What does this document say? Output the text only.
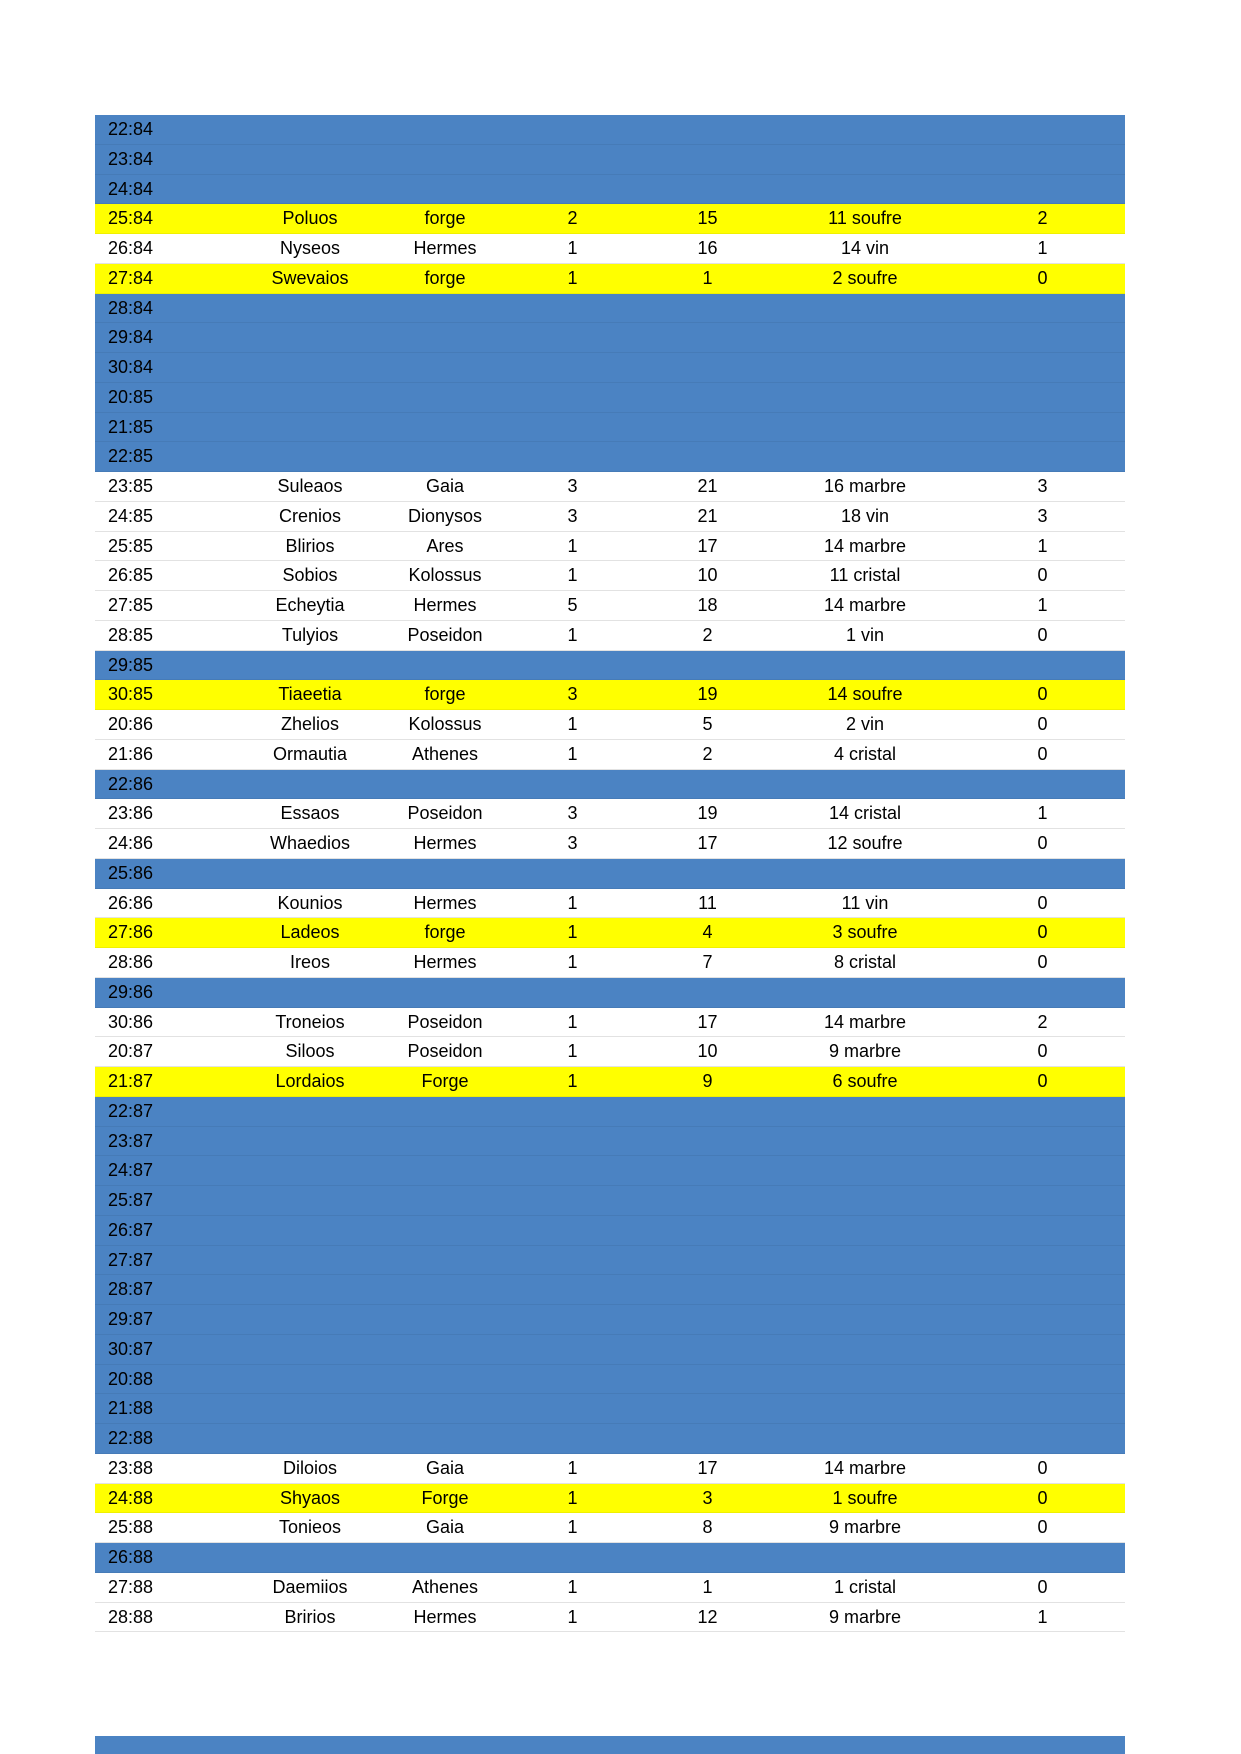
22:84
23:84
24:84
25:84	Poluos	forge	2	15	11 soufre	2
26:84	Nyseos	Hermes	1	16	14 vin	1
27:84	Swevaios	forge	1	1	2 soufre	0
28:84
29:84
30:84
20:85
21:85
22:85
23:85	Suleaos	Gaia	3	21	16 marbre	3
24:85	Crenios	Dionysos	3	21	18 vin	3
25:85	Blirios	Ares	1	17	14 marbre	1
26:85	Sobios	Kolossus	1	10	11 cristal	0
27:85	Echeytia	Hermes	5	18	14 marbre	1
28:85	Tulyios	Poseidon	1	2	1 vin	0
29:85
30:85	Tiaeetia	forge	3	19	14 soufre	0
20:86	Zhelios	Kolossus	1	5	2 vin	0
21:86	Ormautia	Athenes	1	2	4 cristal	0
22:86
23:86	Essaos	Poseidon	3	19	14 cristal	1
24:86	Whaedios	Hermes	3	17	12 soufre	0
25:86
26:86	Kounios	Hermes	1	11	11 vin	0
27:86	Ladeos	forge	1	4	3 soufre	0
28:86	Ireos	Hermes	1	7	8 cristal	0
29:86
30:86	Troneios	Poseidon	1	17	14 marbre	2
20:87	Siloos	Poseidon	1	10	9 marbre	0
21:87	Lordaios	Forge	1	9	6 soufre	0
22:87
23:87
24:87
25:87
26:87
27:87
28:87
29:87
30:87
20:88
21:88
22:88
23:88	Diloios	Gaia	1	17	14 marbre	0
24:88	Shyaos	Forge	1	3	1 soufre	0
25:88	Tonieos	Gaia	1	8	9 marbre	0
26:88
27:88	Daemiios	Athenes	1	1	1 cristal	0
28:88	Bririos	Hermes	1	12	9 marbre	1
